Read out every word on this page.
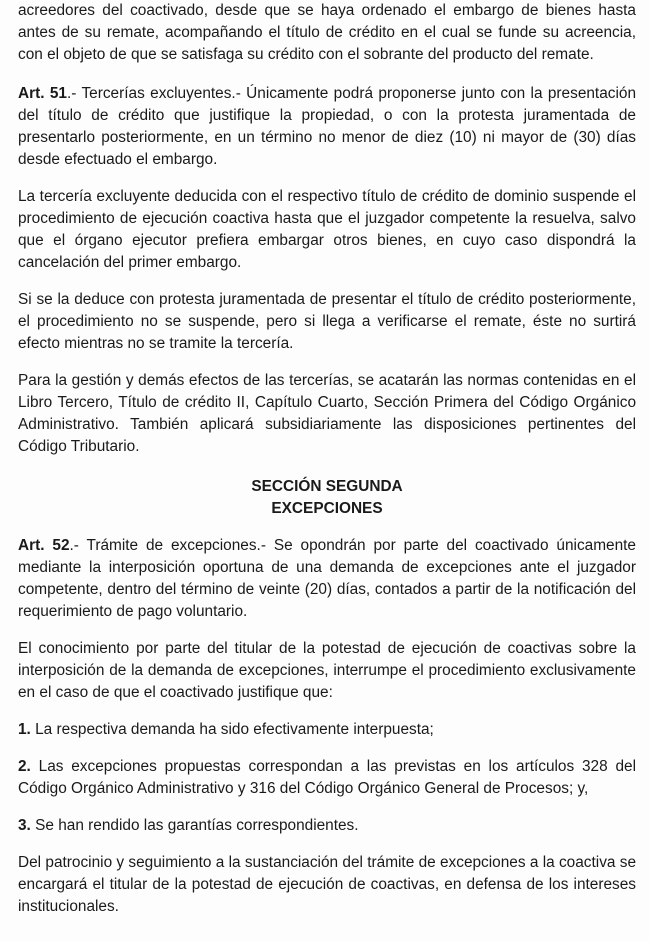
acreedores del coactivado, desde que se haya ordenado el embargo de bienes hasta antes de su remate, acompañando el título de crédito en el cual se funde su acreencia, con el objeto de que se satisfaga su crédito con el sobrante del producto del remate.

Art. 51.- Tercerías excluyentes.- Únicamente podrá proponerse junto con la presentación del título de crédito que justifique la propiedad, o con la protesta juramentada de presentarlo posteriormente, en un término no menor de diez (10) ni mayor de (30) días desde efectuado el embargo.

La tercería excluyente deducida con el respectivo título de crédito de dominio suspende el procedimiento de ejecución coactiva hasta que el juzgador competente la resuelva, salvo que el órgano ejecutor prefiera embargar otros bienes, en cuyo caso dispondrá la cancelación del primer embargo.

Si se la deduce con protesta juramentada de presentar el título de crédito posteriormente, el procedimiento no se suspende, pero si llega a verificarse el remate, éste no surtirá efecto mientras no se tramite la tercería.

Para la gestión y demás efectos de las tercerías, se acatarán las normas contenidas en el Libro Tercero, Título de crédito II, Capítulo Cuarto, Sección Primera del Código Orgánico Administrativo. También aplicará subsidiariamente las disposiciones pertinentes del Código Tributario.

SECCIÓN SEGUNDA
EXCEPCIONES

Art. 52.- Trámite de excepciones.- Se opondrán por parte del coactivado únicamente mediante la interposición oportuna de una demanda de excepciones ante el juzgador competente, dentro del término de veinte (20) días, contados a partir de la notificación del requerimiento de pago voluntario.

El conocimiento por parte del titular de la potestad de ejecución de coactivas sobre la interposición de la demanda de excepciones, interrumpe el procedimiento exclusivamente en el caso de que el coactivado justifique que:

1. La respectiva demanda ha sido efectivamente interpuesta;

2. Las excepciones propuestas correspondan a las previstas en los artículos 328 del Código Orgánico Administrativo y 316 del Código Orgánico General de Procesos; y,

3. Se han rendido las garantías correspondientes.

Del patrocinio y seguimiento a la sustanciación del trámite de excepciones a la coactiva se encargará el titular de la potestad de ejecución de coactivas, en defensa de los intereses institucionales.
